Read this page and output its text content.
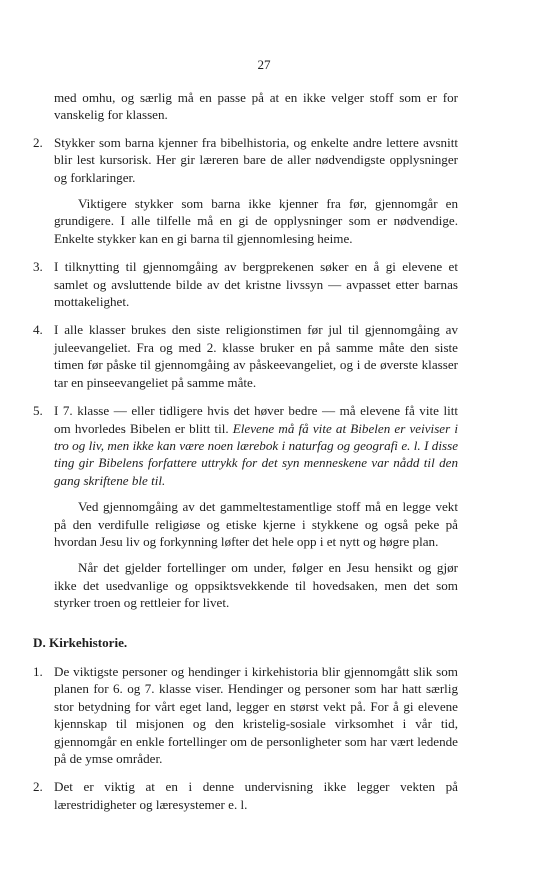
27

med omhu, og særlig må en passe på at en ikke velger stoff som er for vanskelig for klassen.

2. Stykker som barna kjenner fra bibelhistoria, og enkelte andre lettere avsnitt blir lest kursorisk. Her gir læreren bare de aller nødvendigste opplysninger og forklaringer.

Viktigere stykker som barna ikke kjenner fra før, gjennomgår en grundigere. I alle tilfelle må en gi de opplysninger som er nødvendige. Enkelte stykker kan en gi barna til gjennomlesing heime.

3. I tilknytting til gjennomgåing av bergprekenen søker en å gi elevene et samlet og avsluttende bilde av det kristne livssyn — avpasset etter barnas mottakelighet.

4. I alle klasser brukes den siste religionstimen før jul til gjennomgåing av juleevangeliet. Fra og med 2. klasse bruker en på samme måte den siste timen før påske til gjennomgåing av påskeevangeliet, og i de øverste klasser tar en pinseevangeliet på samme måte.

5. I 7. klasse — eller tidligere hvis det høver bedre — må elevene få vite litt om hvorledes Bibelen er blitt til. Elevene må få vite at Bibelen er veiviser i tro og liv, men ikke kan være noen lærebok i naturfag og geografi e. l. I disse ting gir Bibelens forfattere uttrykk for det syn menneskene var nådd til den gang skriftene ble til.

Ved gjennomgåing av det gammeltestamentlige stoff må en legge vekt på den verdifulle religiøse og etiske kjerne i stykkene og også peke på hvordan Jesu liv og forkynning løfter det hele opp i et nytt og høgre plan.

Når det gjelder fortellinger om under, følger en Jesu hensikt og gjør ikke det usedvanlige og oppsiktsvekkende til hovedsaken, men det som styrker troen og rettleier for livet.

D. Kirkehistorie.
1. De viktigste personer og hendinger i kirkehistoria blir gjennomgått slik som planen for 6. og 7. klasse viser. Hendinger og personer som har hatt særlig stor betydning for vårt eget land, legger en størst vekt på. For å gi elevene kjennskap til misjonen og den kristelig-sosiale virksomhet i vår tid, gjennomgår en enkle fortellinger om de personligheter som har vært ledende på de ymse områder.

2. Det er viktig at en i denne undervisning ikke legger vekten på lærestridigheter og læresystemer e. l.
